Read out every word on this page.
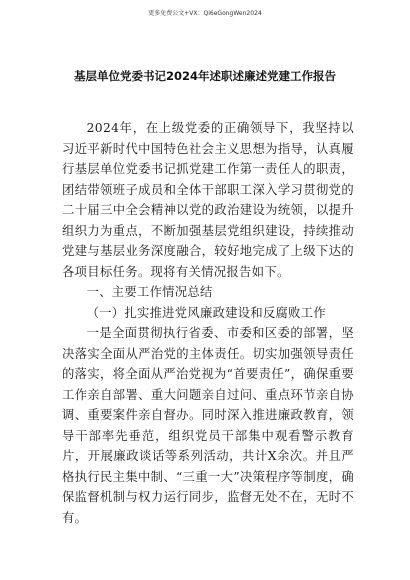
更多免费公文+VX：Qi6eGongWen2024
基层单位党委书记2024年述职述廉述党建工作报告

2024年，在上级党委的正确领导下，我坚持以习近平新时代中国特色社会主义思想为指导，认真履行基层单位党委书记抓党建工作第一责任人的职责，团结带领班子成员和全体干部职工深入学习贯彻党的二十届三中全会精神以党的政治建设为统领，以提升组织力为重点，不断加强基层党组织建设，持续推动党建与基层业务深度融合，较好地完成了上级下达的各项目标任务。现将有关情况报告如下。

一、主要工作情况总结

（一）扎实推进党风廉政建设和反腐败工作

一是全面贯彻执行省委、市委和区委的部署，坚决落实全面从严治党的主体责任。切实加强领导责任的落实，将全面从严治党视为“首要责任”，确保重要工作亲自部署、重大问题亲自过问、重点环节亲自协调、重要案件亲自督办。同时深入推进廉政教育，领导干部率先垂范，组织党员干部集中观看警示教育片，开展廉政谈话等系列活动，共计X余次。并且严格执行民主集中制、“三重一大”决策程序等制度，确保监督机制与权力运行同步，监督无处不在，无时不有。
